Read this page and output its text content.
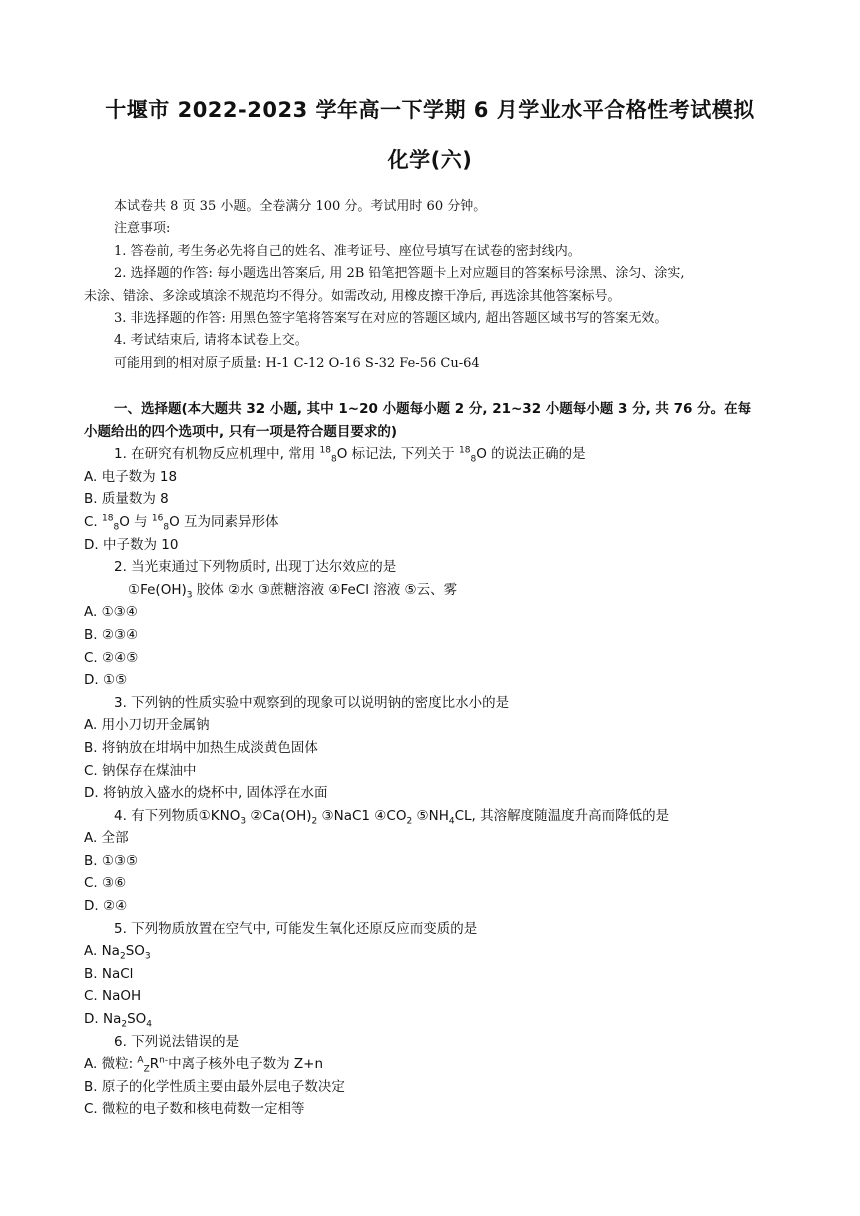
十堰市 2022-2023 学年高一下学期 6 月学业水平合格性考试模拟
化学(六)
本试卷共 8 页 35 小题。全卷满分 100 分。考试用时 60 分钟。
注意事项:
1. 答卷前, 考生务必先将自己的姓名、准考证号、座位号填写在试卷的密封线内。
2. 选择题的作答: 每小题选出答案后, 用 2B 铅笔把答题卡上对应题目的答案标号涂黑、涂匀、涂实,
未涂、错涂、多涂或填涂不规范均不得分。如需改动, 用橡皮擦干净后, 再选涂其他答案标号。
3. 非选择题的作答: 用黑色签字笔将答案写在对应的答题区域内, 超出答题区域书写的答案无效。
4. 考试结束后, 请将本试卷上交。
可能用到的相对原子质量: H-1 C-12 O-16 S-32 Fe-56 Cu-64
一、选择题(本大题共 32 小题, 其中 1~20 小题每小题 2 分, 21~32 小题每小题 3 分, 共 76 分。在每
小题给出的四个选项中, 只有一项是符合题目要求的)
1. 在研究有机物反应机理中, 常用 $^{18}_8$O 标记法, 下列关于 $^{18}_8$O 的说法正确的是
A. 电子数为 18
B. 质量数为 8
C. $^{18}_8$O 与 $^{16}_8$O 互为同素异形体
D. 中子数为 10
2. 当光束通过下列物质时, 出现丁达尔效应的是
$①Fe(OH)_3$ 胶体 ②水 ③蔗糖溶液 ④FeCl 溶液 ⑤云、雾
A. ①③④
B. ②③④
C. ②④⑤
D. ①⑤
3. 下列钠的性质实验中观察到的现象可以说明钠的密度比水小的是
A. 用小刀切开金属钠
B. 将钠放在坩埚中加热生成淡黄色固体
C. 钠保存在煤油中
D. 将钠放入盛水的烧杯中, 固体浮在水面
4. 有下列物质$①KNO_3$ $②Ca(OH)_2$ ③NaC1 $④CO_2$ $⑤NH_4CL$, 其溶解度随温度升高而降低的是
A. 全部
B. ①③⑤
C. ③⑥
D. ②④
5. 下列物质放置在空气中, 可能发生氧化还原反应而变质的是
A. $Na_2SO_3$
B. NaCl
C. NaOH
D. $Na_2SO_4$
6. 下列说法错误的是
A. 微粒: $^A_ZR^{n-}$中离子核外电子数为 Z+n
B. 原子的化学性质主要由最外层电子数决定
C. 微粒的电子数和核电荷数一定相等
